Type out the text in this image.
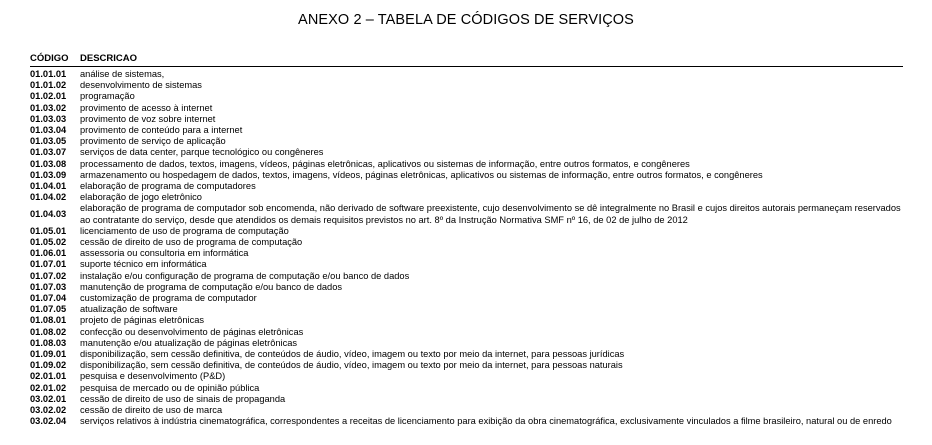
ANEXO 2 – TABELA DE CÓDIGOS DE SERVIÇOS
CÓDIGO	DESCRICAO
01.01.01	análise de sistemas,
01.01.02	desenvolvimento de sistemas
01.02.01	programação
01.03.02	provimento de acesso à internet
01.03.03	provimento de voz sobre internet
01.03.04	provimento de conteúdo para a internet
01.03.05	provimento de serviço de aplicação
01.03.07	serviços de data center, parque tecnológico ou congêneres
01.03.08	processamento de dados, textos, imagens, vídeos, páginas eletrônicas, aplicativos ou sistemas de informação, entre outros formatos, e congêneres
01.03.09	armazenamento ou hospedagem de dados, textos, imagens, vídeos, páginas eletrônicas, aplicativos ou sistemas de informação, entre outros formatos, e congêneres
01.04.01	elaboração de programa de computadores
01.04.02	elaboração de jogo eletrônico
01.04.03
elaboração de programa de computador sob encomenda, não derivado de software preexistente, cujo desenvolvimento se dê integralmente no Brasil e cujos direitos autorais permaneçam reservados ao contratante do serviço, desde que atendidos os demais requisitos previstos no art. 8º da Instrução Normativa SMF nº 16, de 02 de julho de 2012
01.05.01	licenciamento de uso de programa de computação
01.05.02	cessão de direito de uso de programa de computação
01.06.01	assessoria ou consultoria em informática
01.07.01	suporte técnico em informática
01.07.02	instalação e/ou configuração de programa de computação e/ou banco de dados
01.07.03	manutenção de programa de computação e/ou banco de dados
01.07.04	customização de programa de computador
01.07.05	atualização de software
01.08.01	projeto de páginas eletrônicas
01.08.02	confecção ou desenvolvimento de páginas eletrônicas
01.08.03	manutenção e/ou atualização de páginas eletrônicas
01.09.01	disponibilização, sem cessão definitiva, de conteúdos de áudio, vídeo, imagem ou texto por meio da internet, para pessoas jurídicas
01.09.02	disponibilização, sem cessão definitiva, de conteúdos de áudio, vídeo, imagem ou texto por meio da internet, para pessoas naturais
02.01.01	pesquisa e desenvolvimento (P&D)
02.01.02	pesquisa de mercado ou de opinião pública
03.02.01	cessão de direito de uso de sinais de propaganda
03.02.02	cessão de direito de uso de marca
03.02.04	serviços relativos à indústria cinematográfica, correspondentes a receitas de licenciamento para exibição da obra cinematográfica, exclusivamente vinculados a filme brasileiro, natural ou de enredo
